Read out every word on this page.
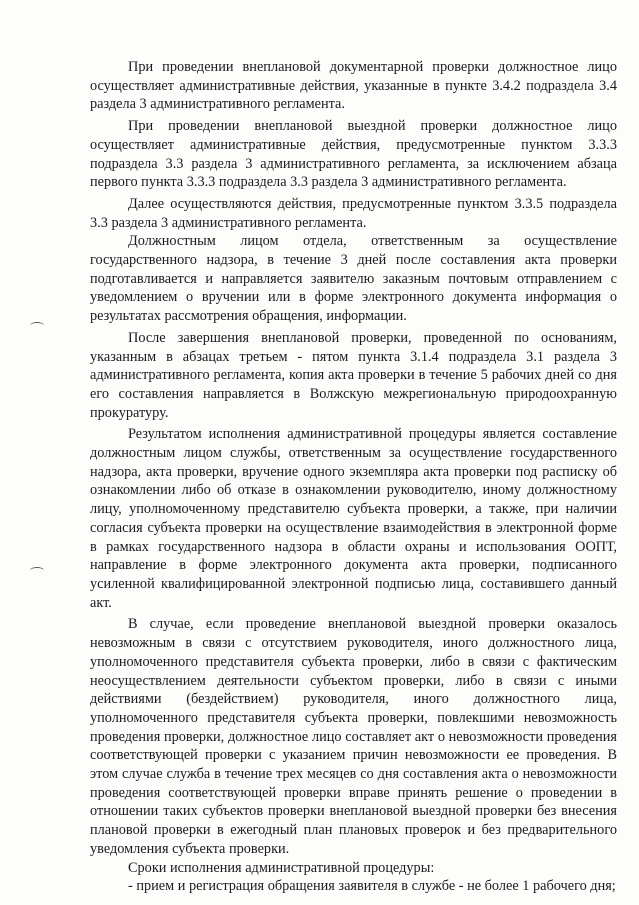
При проведении внеплановой документарной проверки должностное лицо осуществляет административные действия, указанные в пункте 3.4.2 подраздела 3.4 раздела 3 административного регламента.

При проведении внеплановой выездной проверки должностное лицо осуществляет административные действия, предусмотренные пунктом 3.3.3 подраздела 3.3 раздела 3 административного регламента, за исключением абзаца первого пункта 3.3.3 подраздела 3.3 раздела 3 административного регламента.

Далее осуществляются действия, предусмотренные пунктом 3.3.5 подраздела 3.3 раздела 3 административного регламента.

Должностным лицом отдела, ответственным за осуществление государственного надзора, в течение 3 дней после составления акта проверки подготавливается и направляется заявителю заказным почтовым отправлением с уведомлением о вручении или в форме электронного документа информация о результатах рассмотрения обращения, информации.

После завершения внеплановой проверки, проведенной по основаниям, указанным в абзацах третьем - пятом пункта 3.1.4 подраздела 3.1 раздела 3 административного регламента, копия акта проверки в течение 5 рабочих дней со дня его составления направляется в Волжскую межрегиональную природоохранную прокуратуру.

Результатом исполнения административной процедуры является составление должностным лицом службы, ответственным за осуществление государственного надзора, акта проверки, вручение одного экземпляра акта проверки под расписку об ознакомлении либо об отказе в ознакомлении руководителю, иному должностному лицу, уполномоченному представителю субъекта проверки, а также, при наличии согласия субъекта проверки на осуществление взаимодействия в электронной форме в рамках государственного надзора в области охраны и использования ООПТ, направление в форме электронного документа акта проверки, подписанного усиленной квалифицированной электронной подписью лица, составившего данный акт.

В случае, если проведение внеплановой выездной проверки оказалось невозможным в связи с отсутствием руководителя, иного должностного лица, уполномоченного представителя субъекта проверки, либо в связи с фактическим неосуществлением деятельности субъектом проверки, либо в связи с иными действиями (бездействием) руководителя, иного должностного лица, уполномоченного представителя субъекта проверки, повлекшими невозможность проведения проверки, должностное лицо составляет акт о невозможности проведения соответствующей проверки с указанием причин невозможности ее проведения. В этом случае служба в течение трех месяцев со дня составления акта о невозможности проведения соответствующей проверки вправе принять решение о проведении в отношении таких субъектов проверки внеплановой выездной проверки без внесения плановой проверки в ежегодный план плановых проверок и без предварительного уведомления субъекта проверки.

Сроки исполнения административной процедуры:

- прием и регистрация обращения заявителя в службе - не более 1 рабочего дня;
